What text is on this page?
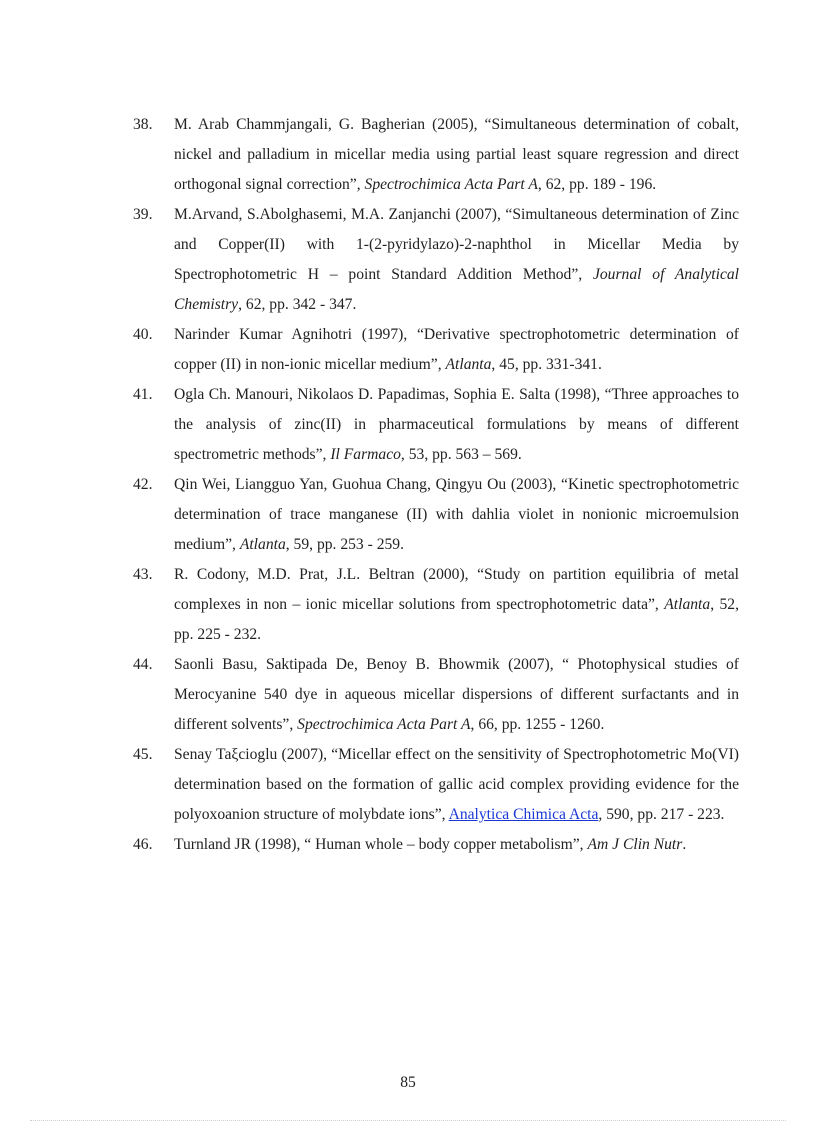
38. M. Arab Chammjangali, G. Bagherian (2005), “Simultaneous determination of cobalt, nickel and palladium in micellar media using partial least square regression and direct orthogonal signal correction”, Spectrochimica Acta Part A, 62, pp. 189 - 196.
39. M.Arvand, S.Abolghasemi, M.A. Zanjanchi (2007), “Simultaneous determination of Zinc and Copper(II) with 1-(2-pyridylazo)-2-naphthol in Micellar Media by Spectrophotometric H – point Standard Addition Method”, Journal of Analytical Chemistry, 62, pp. 342 - 347.
40. Narinder Kumar Agnihotri (1997), “Derivative spectrophotometric determination of copper (II) in non-ionic micellar medium”, Atlanta, 45, pp. 331-341.
41. Ogla Ch. Manouri, Nikolaos D. Papadimas, Sophia E. Salta (1998), “Three approaches to the analysis of zinc(II) in pharmaceutical formulations by means of different spectrometric methods”, Il Farmaco, 53, pp. 563 – 569.
42. Qin Wei, Liangguo Yan, Guohua Chang, Qingyu Ou (2003), “Kinetic spectrophotometric determination of trace manganese (II) with dahlia violet in nonionic microemulsion medium”, Atlanta, 59, pp. 253 - 259.
43. R. Codony, M.D. Prat, J.L. Beltran (2000), “Study on partition equilibria of metal complexes in non – ionic micellar solutions from spectrophotometric data”, Atlanta, 52, pp. 225 - 232.
44. Saonli Basu, Saktipada De, Benoy B. Bhowmik (2007), “ Photophysical studies of Merocyanine 540 dye in aqueous micellar dispersions of different surfactants and in different solvents”, Spectrochimica Acta Part A, 66, pp. 1255 - 1260.
45. Senay Taξcioglu (2007), “Micellar effect on the sensitivity of Spectrophotometric Mo(VI) determination based on the formation of gallic acid complex providing evidence for the polyoxoanion structure of molybdate ions”, Analytica Chimica Acta, 590, pp. 217 - 223.
46. Turnland JR (1998), “ Human whole – body copper metabolism”, Am J Clin Nutr.
85
